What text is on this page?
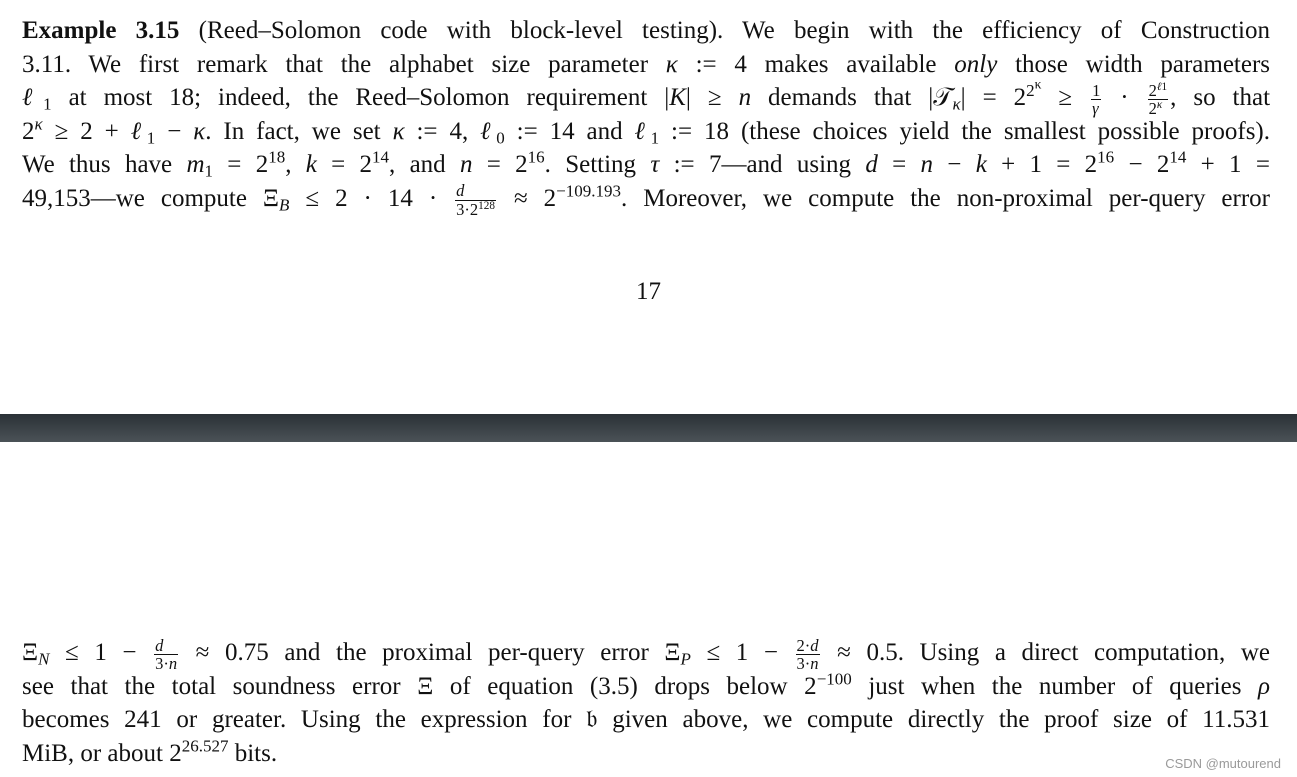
Example 3.15 (Reed–Solomon code with block-level testing). We begin with the efficiency of Construction
3.11. We first remark that the alphabet size parameter κ := 4 makes available only those width parameters
ℓ$_1$ at most 18; indeed, the Reed–Solomon requirement |K| ≥ n demands that |𝒯$_\kappa$| = $2^{2^\kappa} \ge \frac{1}{\gamma} \cdot \frac{2^{\ell 1}}{2^\kappa}$ , so that
$2^\kappa \ge 2$ + ℓ$_1$ − κ. In fact, we set κ := 4, ℓ$_0$ := 14 and ℓ$_1$ := 18 (these choices yield the smallest possible proofs).
We thus have $m_1 = 2^{18}$, $k = 2^{14}$, and $n = 2^{16}$. Setting τ := 7—and using $d = n - k + 1 = 2^{16} - 2^{14} + 1$ =
49,153—we compute $\Xi_B \le 2 \cdot 14 \cdot \frac{d}{3\cdot 2^{128}} \approx 2^{-109.193}$. Moreover, we compute the non-proximal per-query error
17
$\Xi_N \le 1 - \frac{d}{3\cdot n} \approx 0.75$ and the proximal per-query error $\Xi_P \le 1 - \frac{2\cdot d}{3\cdot n} \approx 0.5$. Using a direct computation, we
see that the total soundness error Ξ of equation (3.5) drops below $2^{-100}$ just when the number of queries ρ
becomes 241 or greater. Using the expression for 𝔟 given above, we compute directly the proof size of 11.531
MiB, or about $2^{26.527}$ bits.	CSDN @mutourend
